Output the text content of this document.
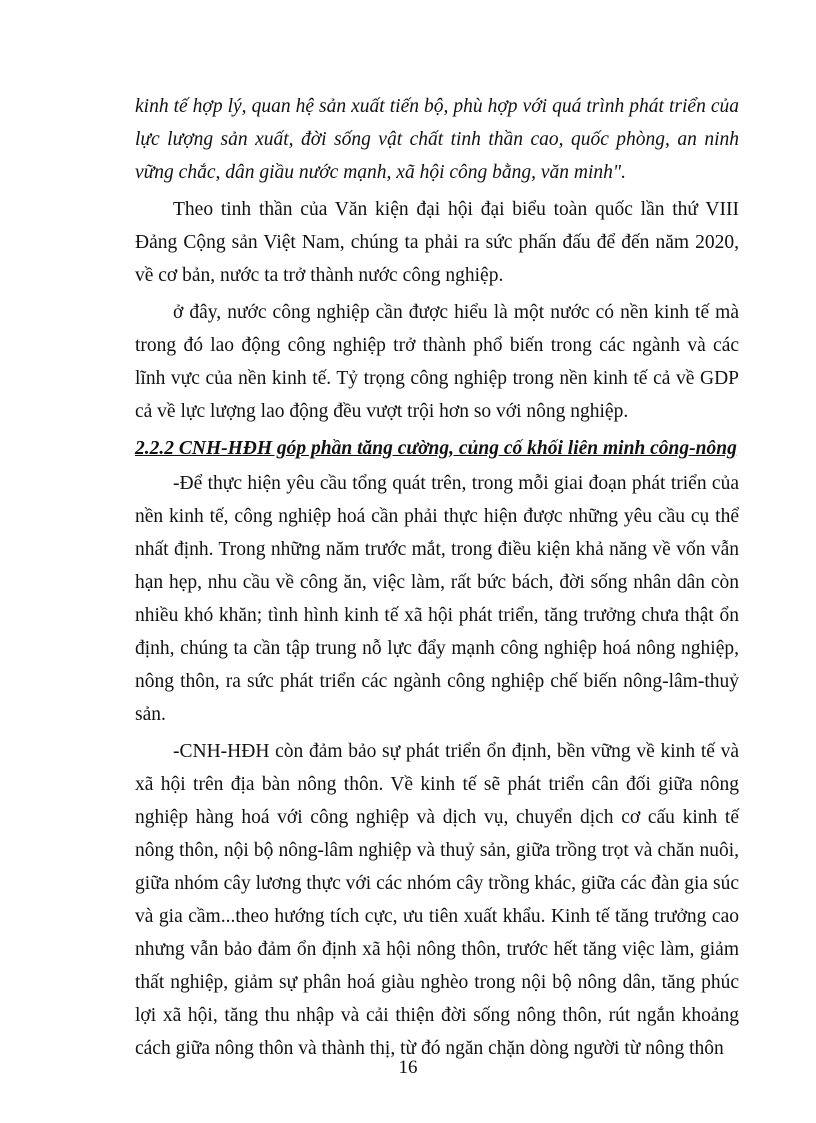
kinh tế hợp lý, quan hệ sản xuất tiến bộ, phù hợp với quá trình phát triển của lực lượng sản xuất, đời sống vật chất tinh thần cao, quốc phòng, an ninh vững chắc, dân giầu nước mạnh, xã hội công bằng, văn minh".

Theo tinh thần của Văn kiện đại hội đại biểu toàn quốc lần thứ VIII Đảng Cộng sản Việt Nam, chúng ta phải ra sức phấn đấu để đến năm 2020, về cơ bản, nước ta trở thành nước công nghiệp.

ở đây, nước công nghiệp cần được hiểu là một nước có nền kinh tế mà trong đó lao động công nghiệp trở thành phổ biến trong các ngành và các lĩnh vực của nền kinh tế. Tỷ trọng công nghiệp trong nền kinh tế cả về GDP cả về lực lượng lao động đều vượt trội hơn so với nông nghiệp.

2.2.2 CNH-HĐH góp phần tăng cường, củng cố khối liên minh công-nông

-Để thực hiện yêu cầu tổng quát trên, trong mỗi giai đoạn phát triển của nền kinh tế, công nghiệp hoá cần phải thực hiện được những yêu cầu cụ thể nhất định. Trong những năm trước mắt, trong điều kiện khả năng về vốn vẫn hạn hẹp, nhu cầu về công ăn, việc làm, rất bức bách, đời sống nhân dân còn nhiều khó khăn; tình hình kinh tế xã hội phát triển, tăng trưởng chưa thật ổn định, chúng ta cần tập trung nỗ lực đẩy mạnh công nghiệp hoá nông nghiệp, nông thôn, ra sức phát triển các ngành công nghiệp chế biến nông-lâm-thuỷ sản.

-CNH-HĐH còn đảm bảo sự phát triển ổn định, bền vững về kinh tế và xã hội trên địa bàn nông thôn. Về kinh tế sẽ phát triển cân đối giữa nông nghiệp hàng hoá với công nghiệp và dịch vụ, chuyển dịch cơ cấu kinh tế nông thôn, nội bộ nông-lâm nghiệp và thuỷ sản, giữa trồng trọt và chăn nuôi, giữa nhóm cây lương thực với các nhóm cây trồng khác, giữa các đàn gia súc và gia cầm...theo hướng tích cực, ưu tiên xuất khẩu. Kinh tế tăng trưởng cao nhưng vẫn bảo đảm ổn định xã hội nông thôn, trước hết tăng việc làm, giảm thất nghiệp, giảm sự phân hoá giàu nghèo trong nội bộ nông dân, tăng phúc lợi xã hội, tăng thu nhập và cải thiện đời sống nông thôn, rút ngắn khoảng cách giữa nông thôn và thành thị, từ đó ngăn chặn dòng người từ nông thôn

16
